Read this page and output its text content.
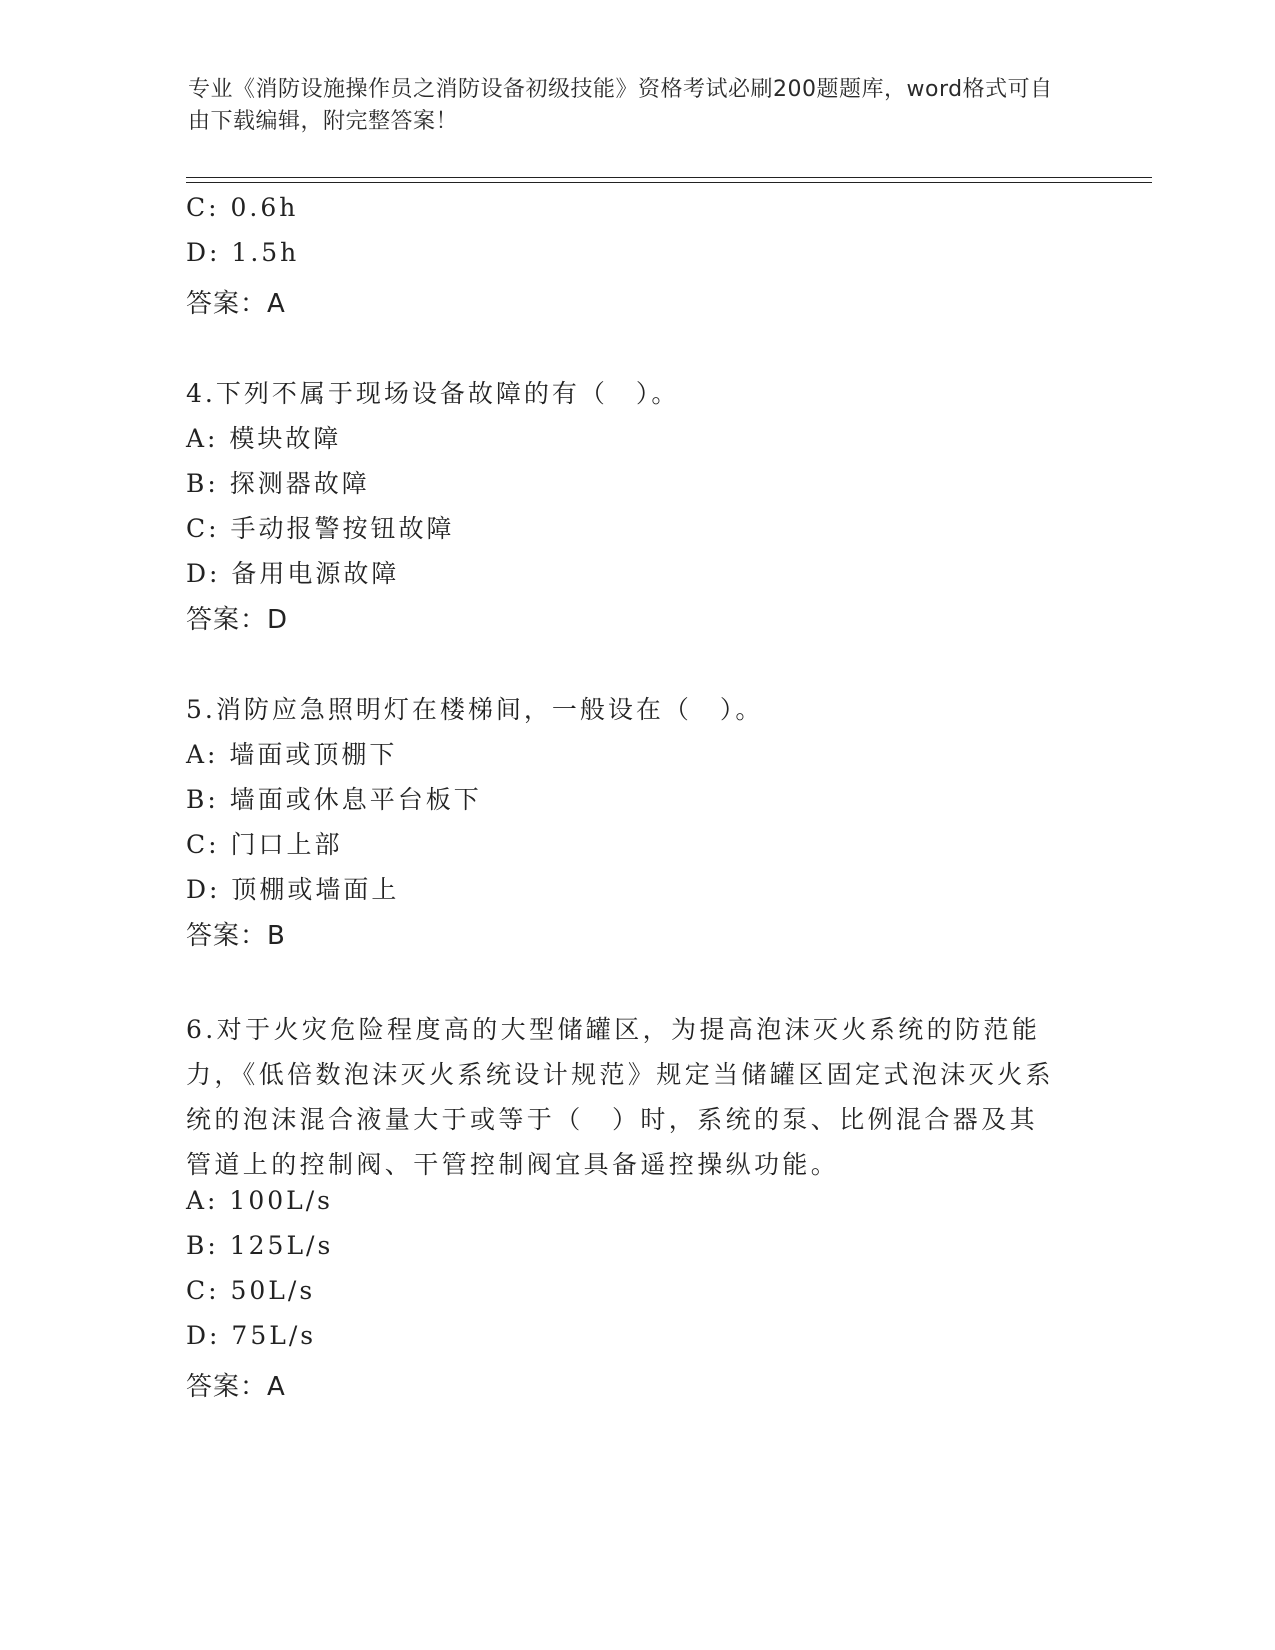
专业《消防设施操作员之消防设备初级技能》资格考试必刷200题题库，word格式可自由下载编辑，附完整答案！
C: 0.6h
D: 1.5h
答案：A
4.下列不属于现场设备故障的有（　）。
A: 模块故障
B: 探测器故障
C: 手动报警按钮故障
D: 备用电源故障
答案：D
5.消防应急照明灯在楼梯间，一般设在（　）。
A: 墙面或顶棚下
B: 墙面或休息平台板下
C: 门口上部
D: 顶棚或墙面上
答案：B
6.对于火灾危险程度高的大型储罐区，为提高泡沫灭火系统的防范能力，《低倍数泡沫灭火系统设计规范》规定当储罐区固定式泡沫灭火系统的泡沫混合液量大于或等于（　）时，系统的泵、比例混合器及其管道上的控制阀、干管控制阀宜具备遥控操纵功能。
A: 100L/s
B: 125L/s
C: 50L/s
D: 75L/s
答案：A
